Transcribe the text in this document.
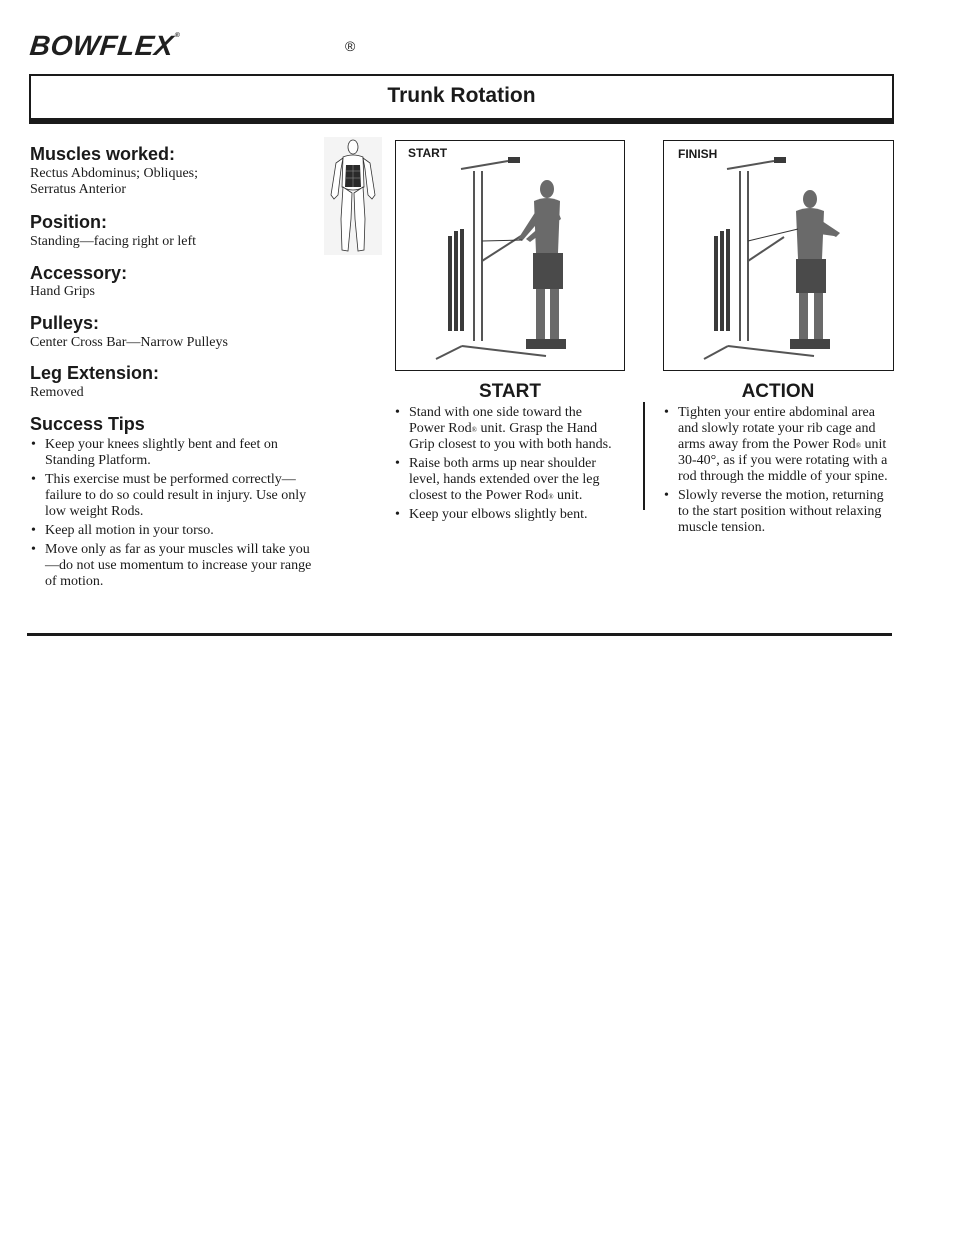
BOWFLEX®
®
Trunk Rotation
Muscles worked:
Rectus Abdominus; Obliques;
Serratus Anterior
Position:
Standing—facing right or left
Accessory:
Hand Grips
Pulleys:
Center Cross Bar—Narrow Pulleys
Leg Extension:
Removed
Success Tips
• Keep your knees slightly bent and feet on Standing Platform.
• This exercise must be performed correctly—failure to do so could result in injury. Use only low weight Rods.
• Keep all motion in your torso.
• Move only as far as your muscles will take you—do not use momentum to increase your range of motion.
START	FINISH
START
• Stand with one side toward the Power Rod® unit. Grasp the Hand Grip closest to you with both hands.
• Raise both arms up near shoulder level, hands extended over the leg closest to the Power Rod® unit.
• Keep your elbows slightly bent.
ACTION
• Tighten your entire abdominal area and slowly rotate your rib cage and arms away from the Power Rod® unit 30-40°, as if you were rotating with a rod through the middle of your spine.
• Slowly reverse the motion, returning to the start position without relaxing muscle tension.
